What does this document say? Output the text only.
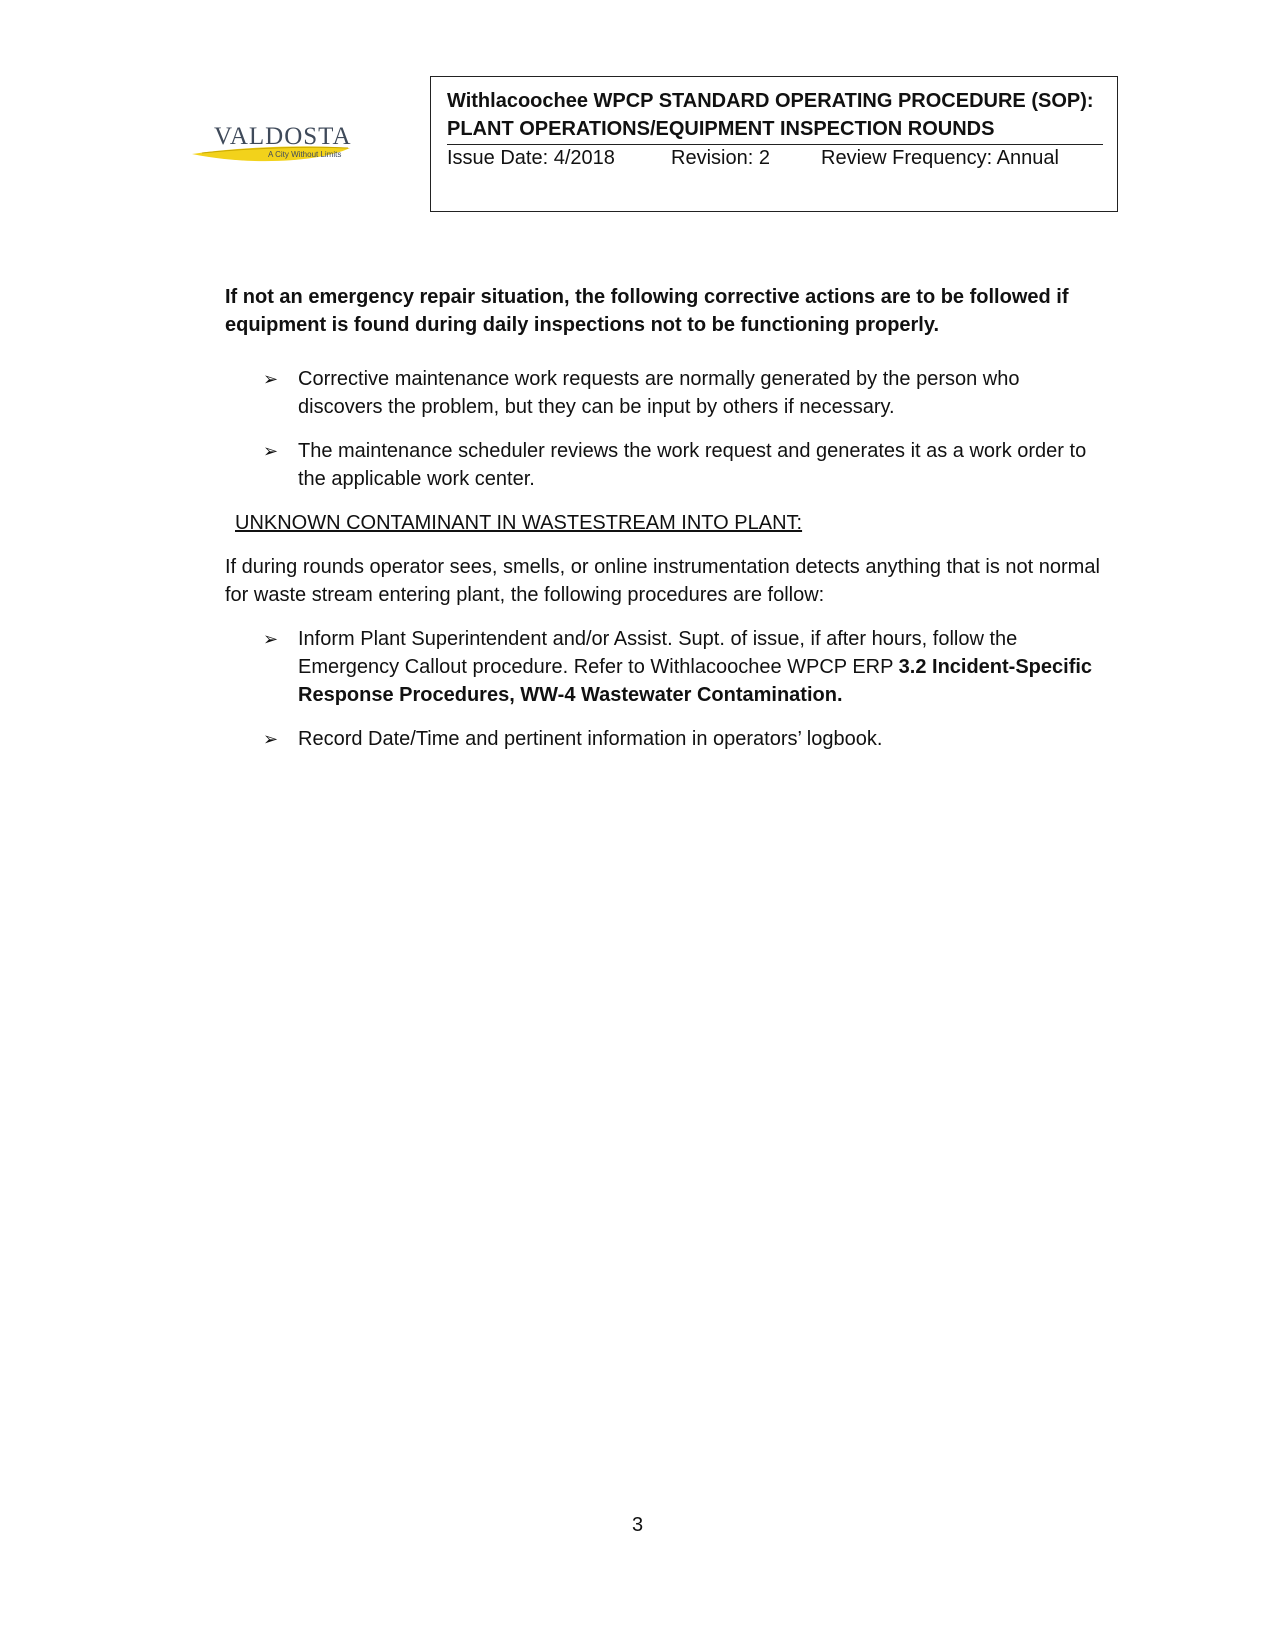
VALDOSTA
A City Without Limits
Withlacoochee WPCP STANDARD OPERATING PROCEDURE (SOP):
PLANT OPERATIONS/EQUIPMENT INSPECTION ROUNDS
Issue Date: 4/2018	Revision: 2	Review Frequency: Annual

If not an emergency repair situation, the following corrective actions are to be followed if equipment is found during daily inspections not to be functioning properly.

➢ Corrective maintenance work requests are normally generated by the person who discovers the problem, but they can be input by others if necessary.
➢ The maintenance scheduler reviews the work request and generates it as a work order to the applicable work center.
UNKNOWN CONTAMINANT IN WASTESTREAM INTO PLANT:

If during rounds operator sees, smells, or online instrumentation detects anything that is not normal for waste stream entering plant, the following procedures are follow:

➢ Inform Plant Superintendent and/or Assist. Supt. of issue, if after hours, follow the Emergency Callout procedure. Refer to Withlacoochee WPCP ERP 3.2 Incident-Specific Response Procedures, WW-4 Wastewater Contamination.
➢ Record Date/Time and pertinent information in operators’ logbook.
3
